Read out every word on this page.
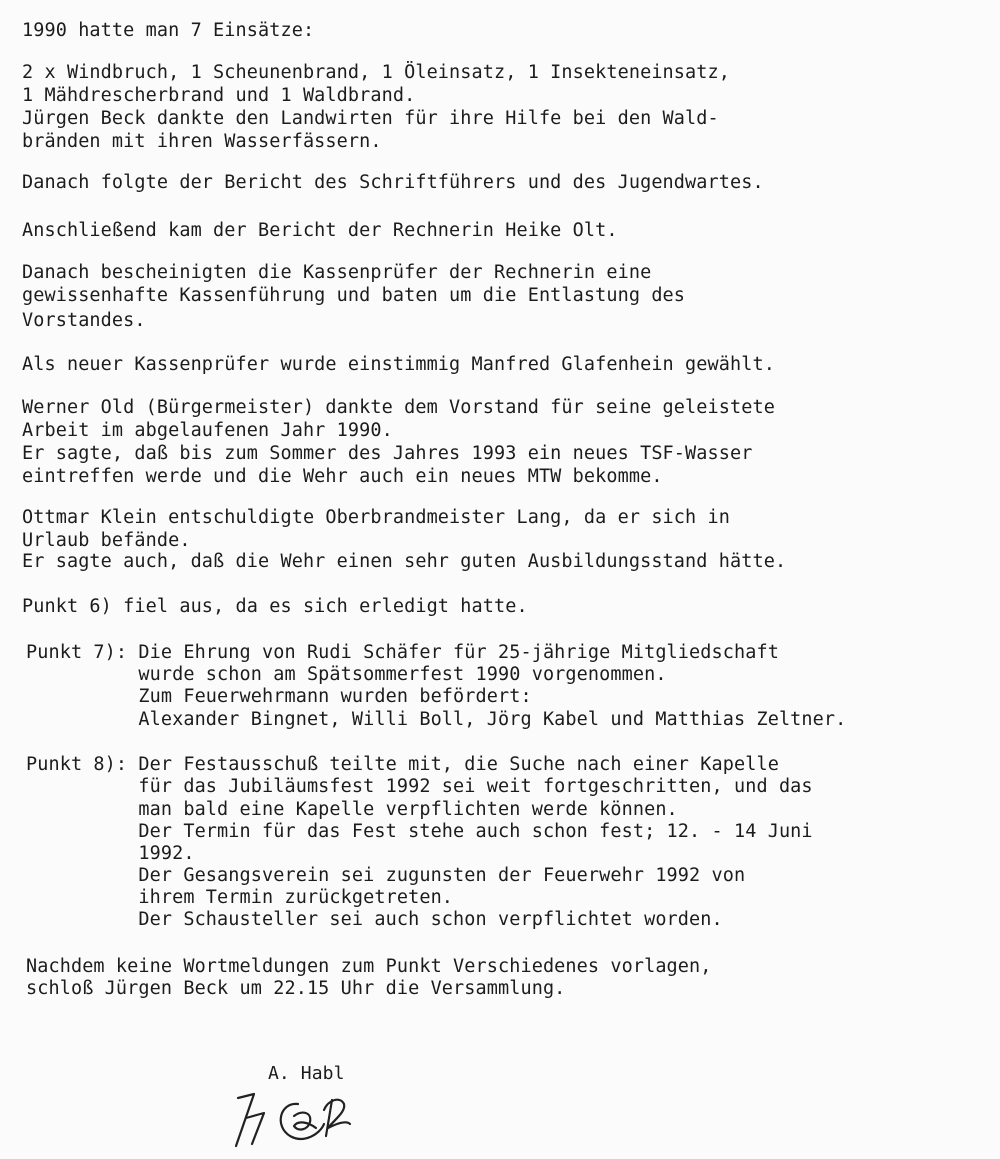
1990 hatte man 7 Einsätze:
2 x Windbruch, 1 Scheunenbrand, 1 Öleinsatz, 1 Insekteneinsatz,
1 Mähdrescherbrand und 1 Waldbrand.
Jürgen Beck dankte den Landwirten für ihre Hilfe bei den Wald-
bränden mit ihren Wasserfässern.
Danach folgte der Bericht des Schriftführers und des Jugendwartes.
Anschließend kam der Bericht der Rechnerin Heike Olt.
Danach bescheinigten die Kassenprüfer der Rechnerin eine
gewissenhafte Kassenführung und baten um die Entlastung des
Vorstandes.
Als neuer Kassenprüfer wurde einstimmig Manfred Glafenhein gewählt.
Werner Old (Bürgermeister) dankte dem Vorstand für seine geleistete
Arbeit im abgelaufenen Jahr 1990.
Er sagte, daß bis zum Sommer des Jahres 1993 ein neues TSF-Wasser
eintreffen werde und die Wehr auch ein neues MTW bekomme.
Ottmar Klein entschuldigte Oberbrandmeister Lang, da er sich in
Urlaub befände.
Er sagte auch, daß die Wehr einen sehr guten Ausbildungsstand hätte.
Punkt 6) fiel aus, da es sich erledigt hatte.
Punkt 7): Die Ehrung von Rudi Schäfer für 25-jährige Mitgliedschaft
wurde schon am Spätsommerfest 1990 vorgenommen.
Zum Feuerwehrmann wurden befördert:
Alexander Bingnet, Willi Boll, Jörg Kabel und Matthias Zeltner.
Punkt 8): Der Festausschuß teilte mit, die Suche nach einer Kapelle
für das Jubiläumsfest 1992 sei weit fortgeschritten, und das
man bald eine Kapelle verpflichten werde können.
Der Termin für das Fest stehe auch schon fest; 12. - 14 Juni
1992.
Der Gesangsverein sei zugunsten der Feuerwehr 1992 von
ihrem Termin zurückgetreten.
Der Schausteller sei auch schon verpflichtet worden.
Nachdem keine Wortmeldungen zum Punkt Verschiedenes vorlagen,
schloß Jürgen Beck um 22.15 Uhr die Versammlung.
A. Habl
